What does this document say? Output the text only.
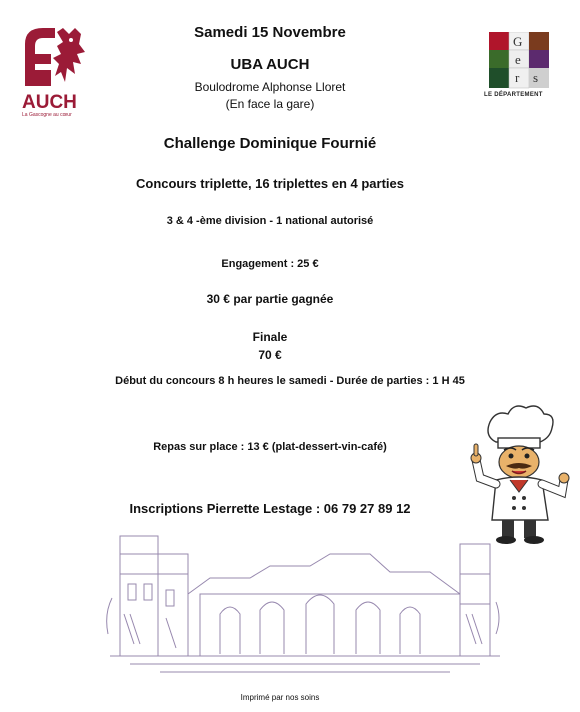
AUCH
La Gascogne au cœur
G
e
r s
LE DÉPARTEMENT
Samedi 15 Novembre
UBA AUCH
Boulodrome Alphonse Lloret
(En face la gare)
Challenge Dominique Fournié
Concours triplette, 16 triplettes en 4 parties
3 & 4 -ème division - 1 national autorisé
Engagement : 25 €
30 € par partie gagnée
Finale
70 €
Début du concours 8 h heures le samedi - Durée de parties : 1 H 45
Repas sur place : 13 € (plat-dessert-vin-café)
Inscriptions Pierrette Lestage : 06 79 27 89 12
Imprimé par nos soins
